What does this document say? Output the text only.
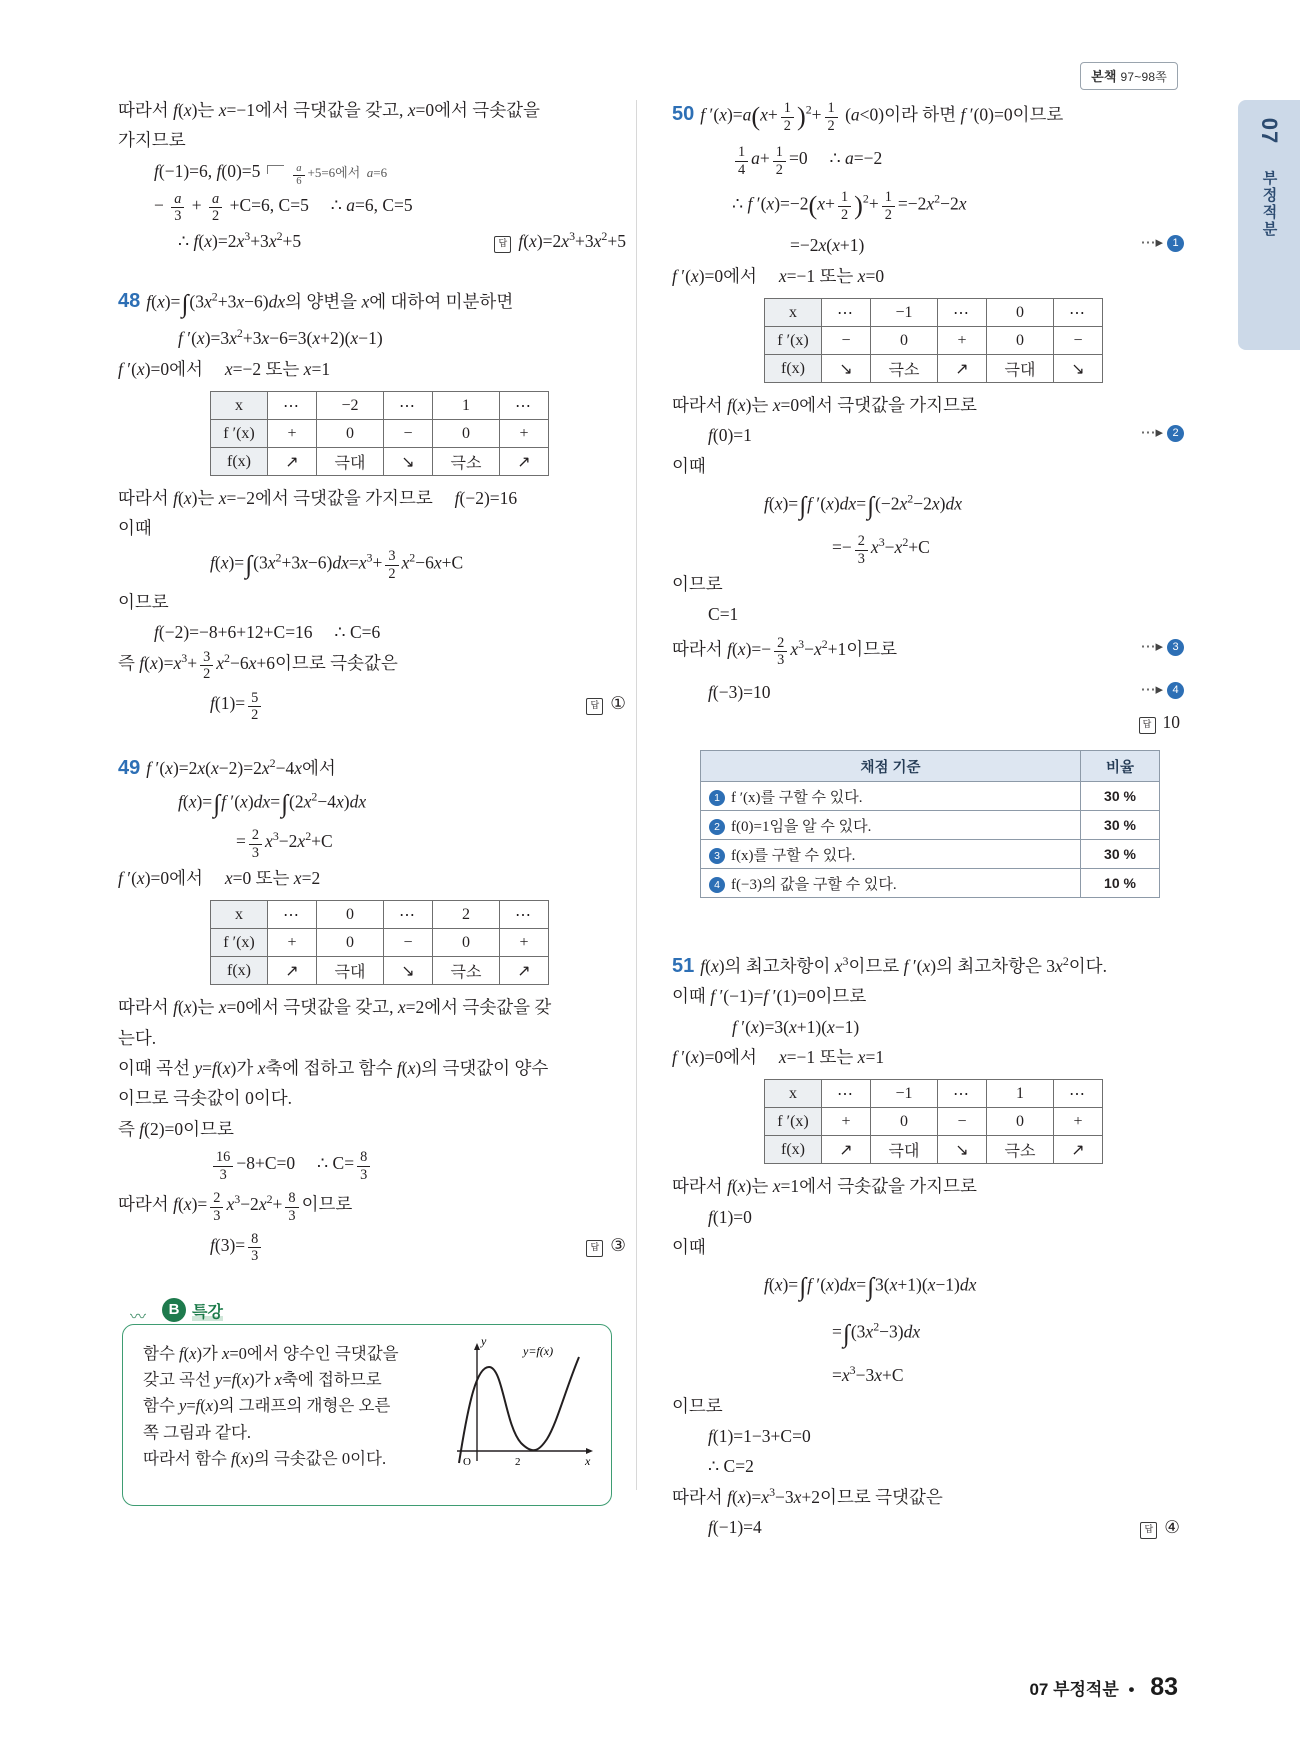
본책 97~98쪽
07
부정적분
따라서 f(x)는 x=−1에서 극댓값을 갖고, x=0에서 극솟값을
가지므로
f(−1)=6, f(0)=5	$\frac{a}{6} +5=6$에서  a=6
− $\frac{a}{3} + \frac{a}{2} +C=6$, C=5     ∴ a=6, C=5
∴ $f(x)=2x^3+3x^2+5$	답 $f(x)=2x^3+3x^2+5$
48 $f(x)=\int(3x^2+3x-6)dx$의 양변을 x에 대하여 미분하면
f $'(x)=3x^2+3x-6=3(x+2)(x-1)$
f ′(x)=0에서     x=−2 또는 x=1
x	⋯	−2	⋯	1	⋯
f ′(x)	+	0	−	0	+
f(x)	↗	극대	↘	극소	↗
따라서 f(x)는 x=−2에서 극댓값을 가지므로     f(−2)=16
이때
$f(x)=\int(3x^2+3x-6)dx=x^3+ \frac{3}{2} x^2-6x+C$
이므로
f(−2)=−8+6+12+C=16     ∴ C=6
즉 $f(x)=x^3+ \frac{3}{2} x^2-6x+6$이므로 극솟값은
$f(1)= \frac{5}{2}$	답 ①
49 f $'(x)=2x(x-2)=2x^2-4x$에서
f(x)=∫f $'(x)dx=\int(2x^2-4x)dx$
= $\frac{2}{3} x^3-2x^2+C$
f ′(x)=0에서     x=0 또는 x=2
x	⋯	0	⋯	2	⋯
f ′(x)	+	0	−	0	+
f(x)	↗	극대	↘	극소	↗
따라서 f(x)는 x=0에서 극댓값을 갖고, x=2에서 극솟값을 갖
는다.
이때 곡선 y=f(x)가 x축에 접하고 함수 f(x)의 극댓값이 양수
이므로 극솟값이 0이다.
즉 f(2)=0이므로
$\frac{16}{3} -8+C=0$     ∴ $C= \frac{8}{3}$
따라서 $f(x)= \frac{2}{3} x^3-2x^2+ \frac{8}{3}$ 이므로
$f(3)= \frac{8}{3}$	답 ③
〰	B 특강
함수 f(x)가 x=0에서 양수인 극댓값을
갖고 곡선 y=f(x)가 x축에 접하므로
함수 y=f(x)의 그래프의 개형은 오른
쪽 그림과 같다.
따라서 함수 f(x)의 극솟값은 0이다.
y
x
O	2
y=f(x)
50 f $'(x)=a(x+ \frac{1}{2} )^2+ \frac{1}{2} (a<0)$이라 하면 f ′(0)=0이므로
$\frac{1}{4} a+ \frac{1}{2} =0$     ∴ a=−2
∴ f $'(x)=-2(x+ \frac{1}{2} )^2+ \frac{1}{2} =-2x^2-2x$
=−2x(x+1)	⋯▸ 1
f ′(x)=0에서     x=−1 또는 x=0
x	⋯	−1	⋯	0	⋯
f ′(x)	−	0	+	0	−
f(x)	↘	극소	↗	극대	↘
따라서 f(x)는 x=0에서 극댓값을 가지므로
f(0)=1	⋯▸ 2
이때
f(x)=∫f $'(x)dx=\int(-2x^2-2x)dx$
=− $\frac{2}{3} x^3-x^2+C$
이므로
C=1
따라서 $f(x)=- \frac{2}{3} x^3-x^2+1$이므로	⋯▸ 3
f(−3)=10	⋯▸ 4
답 10
채점 기준	비율
1 f ′(x)를 구할 수 있다.	30 %
2 f(0)=1임을 알 수 있다.	30 %
3 f(x)를 구할 수 있다.	30 %
4 f(−3)의 값을 구할 수 있다.	10 %
51 f(x)의 최고차항이 $x^3$이므로 f ′(x)의 최고차항은 $3x^2$이다.
이때 f ′(−1)=f ′(1)=0이므로
f ′(x)=3(x+1)(x−1)
f ′(x)=0에서     x=−1 또는 x=1
x	⋯	−1	⋯	1	⋯
f ′(x)	+	0	−	0	+
f(x)	↗	극대	↘	극소	↗
따라서 f(x)는 x=1에서 극솟값을 가지므로
f(1)=0
이때
f(x)=∫f ′(x)dx=∫3(x+1)(x−1)dx
$=\int(3x^2-3)dx$
$=x^3-3x+C$
이므로
f(1)=1−3+C=0
∴ C=2
따라서 $f(x)=x^3-3x+2$이므로 극댓값은
f(−1)=4	답 ④
07 부정적분 • 83
